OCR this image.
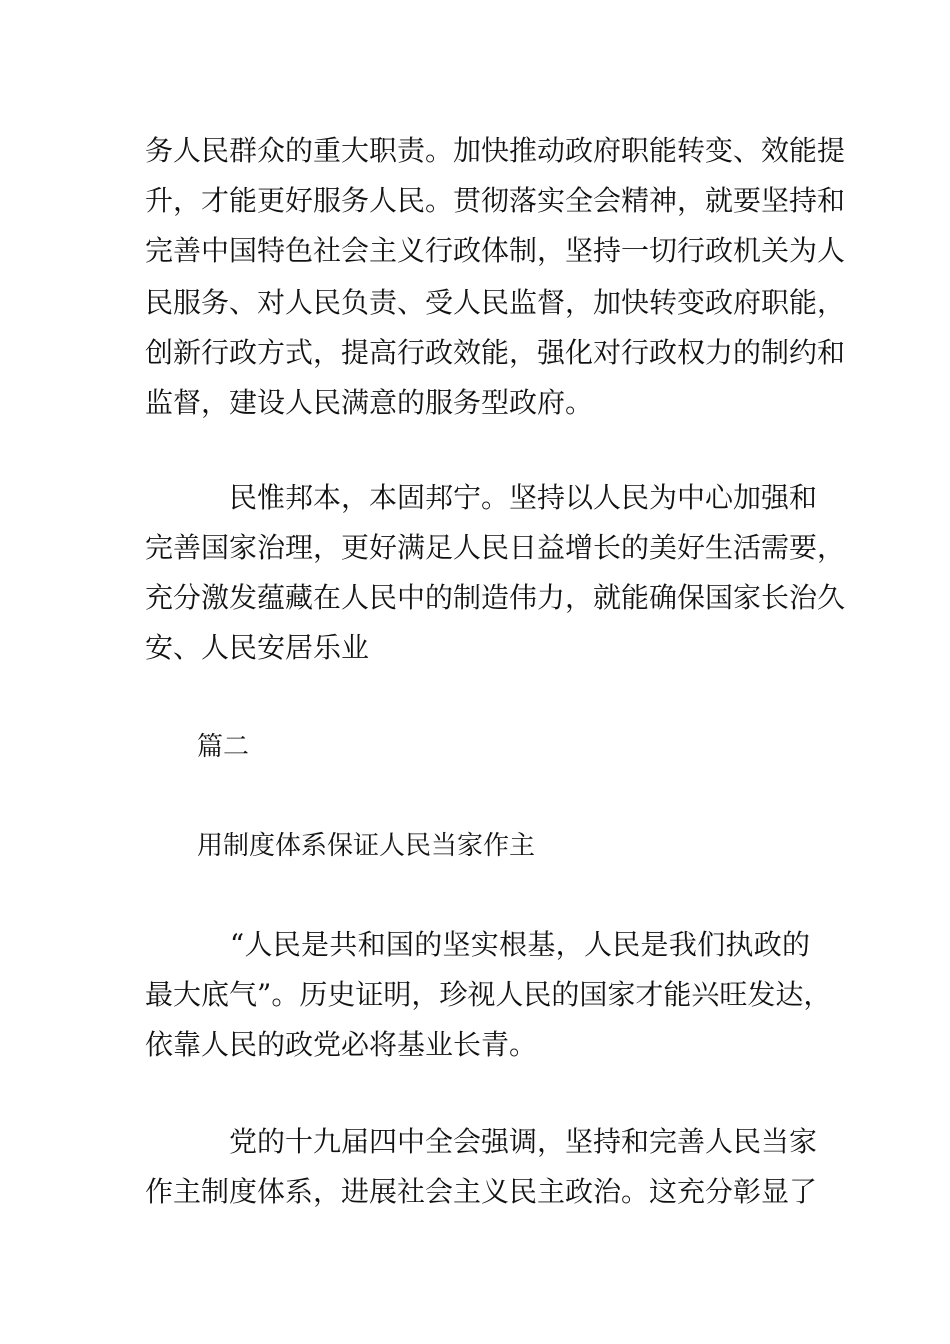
务人民群众的重大职责。加快推动政府职能转变、效能提
升，才能更好服务人民。贯彻落实全会精神，就要坚持和
完善中国特色社会主义行政体制，坚持一切行政机关为人
民服务、对人民负责、受人民监督，加快转变政府职能，
创新行政方式，提高行政效能，强化对行政权力的制约和
监督，建设人民满意的服务型政府。
　　　民惟邦本，本固邦宁。坚持以人民为中心加强和
完善国家治理，更好满足人民日益增长的美好生活需要，
充分激发蕴藏在人民中的制造伟力，就能确保国家长治久
安、人民安居乐业
篇二
用制度体系保证人民当家作主
　　　“人民是共和国的坚实根基，人民是我们执政的
最大底气”。历史证明，珍视人民的国家才能兴旺发达，
依靠人民的政党必将基业长青。
　　　党的十九届四中全会强调，坚持和完善人民当家
作主制度体系，进展社会主义民主政治。这充分彰显了
